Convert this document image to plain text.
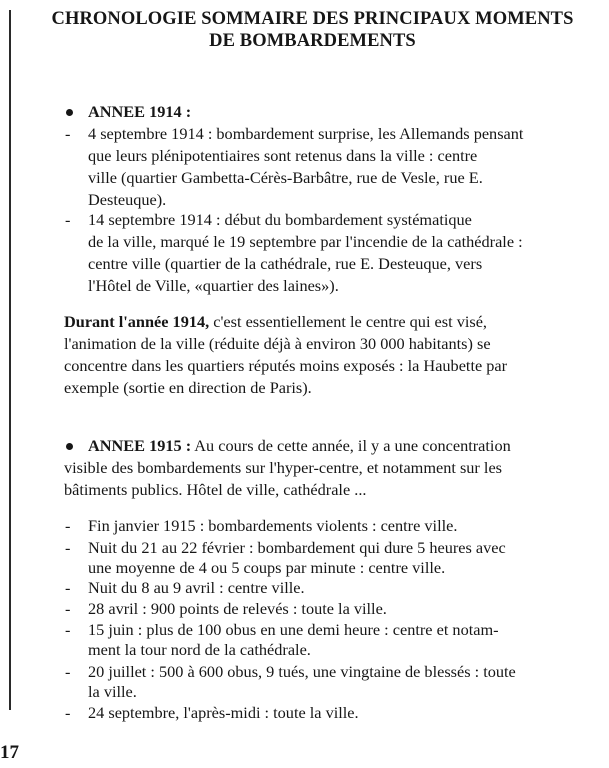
CHRONOLOGIE SOMMAIRE DES PRINCIPAUX MOMENTS
DE BOMBARDEMENTS
ANNEE 1914 :
- 4 septembre 1914 : bombardement surprise, les Allemands pensant
que leurs plénipotentiaires sont retenus dans la ville : centre
ville (quartier Gambetta-Cérès-Barbâtre, rue de Vesle, rue E.
Desteuque).
- 14 septembre 1914 : début du bombardement systématique
de la ville, marqué le 19 septembre par l'incendie de la cathédrale :
centre ville (quartier de la cathédrale, rue E. Desteuque, vers
l'Hôtel de Ville, «quartier des laines»).
Durant l'année 1914, c'est essentiellement le centre qui est visé,
l'animation de la ville (réduite déjà à environ 30 000 habitants) se
concentre dans les quartiers réputés moins exposés : la Haubette par
exemple (sortie en direction de Paris).
ANNEE 1915 : Au cours de cette année, il y a une concentration
visible des bombardements sur l'hyper-centre, et notamment sur les
bâtiments publics. Hôtel de ville, cathédrale ...
- Fin janvier 1915 : bombardements violents : centre ville.
- Nuit du 21 au 22 février : bombardement qui dure 5 heures avec
une moyenne de 4 ou 5 coups par minute : centre ville.
- Nuit du 8 au 9 avril : centre ville.
- 28 avril : 900 points de relevés : toute la ville.
- 15 juin : plus de 100 obus en une demi heure : centre et notam-
ment la tour nord de la cathédrale.
- 20 juillet : 500 à 600 obus, 9 tués, une vingtaine de blessés : toute
la ville.
- 24 septembre, l'après-midi : toute la ville.
17
